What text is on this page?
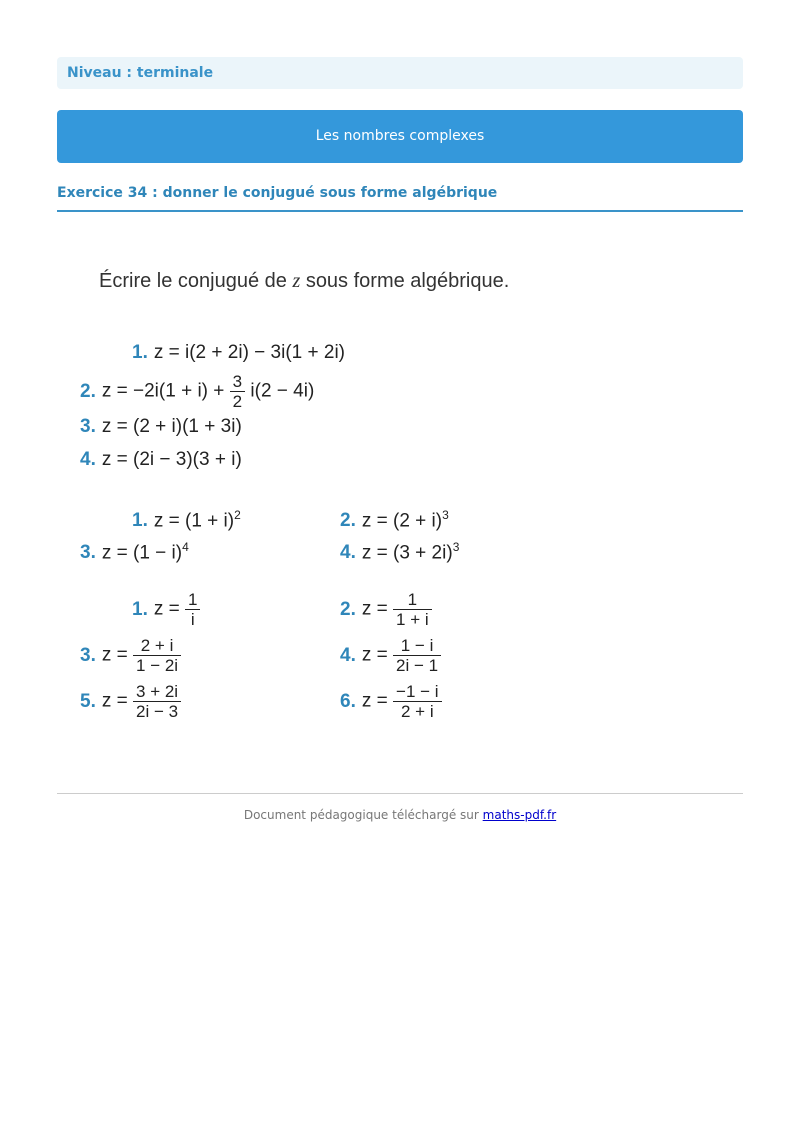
Niveau : terminale
Les nombres complexes
Exercice 34 : donner le conjugué sous forme algébrique
Écrire le conjugué de z sous forme algébrique.
1. z = i(2 + 2i) − 3i(1 + 2i)
2. $z = -2i(1 + i) + \frac{3}{2} i(2 - 4i)$
3. z = (2 + i)(1 + 3i)
4. z = (2i − 3)(3 + i)
1. $z = (1 + i)^2$	2. $z = (2 + i)^3$
3. $z = (1 - i)^4$	4. $z = (3 + 2i)^3$
1. $z = \frac{1}{i}$	2. $z = \frac{1}{1 + i}$
3. $z = \frac{2 + i}{1 - 2i}$	4. $z = \frac{1 - i}{2i - 1}$
5. $z = \frac{3 + 2i}{2i - 3}$	6. $z = \frac{-1 - i}{2 + i}$
Document pédagogique téléchargé sur maths-pdf.fr
